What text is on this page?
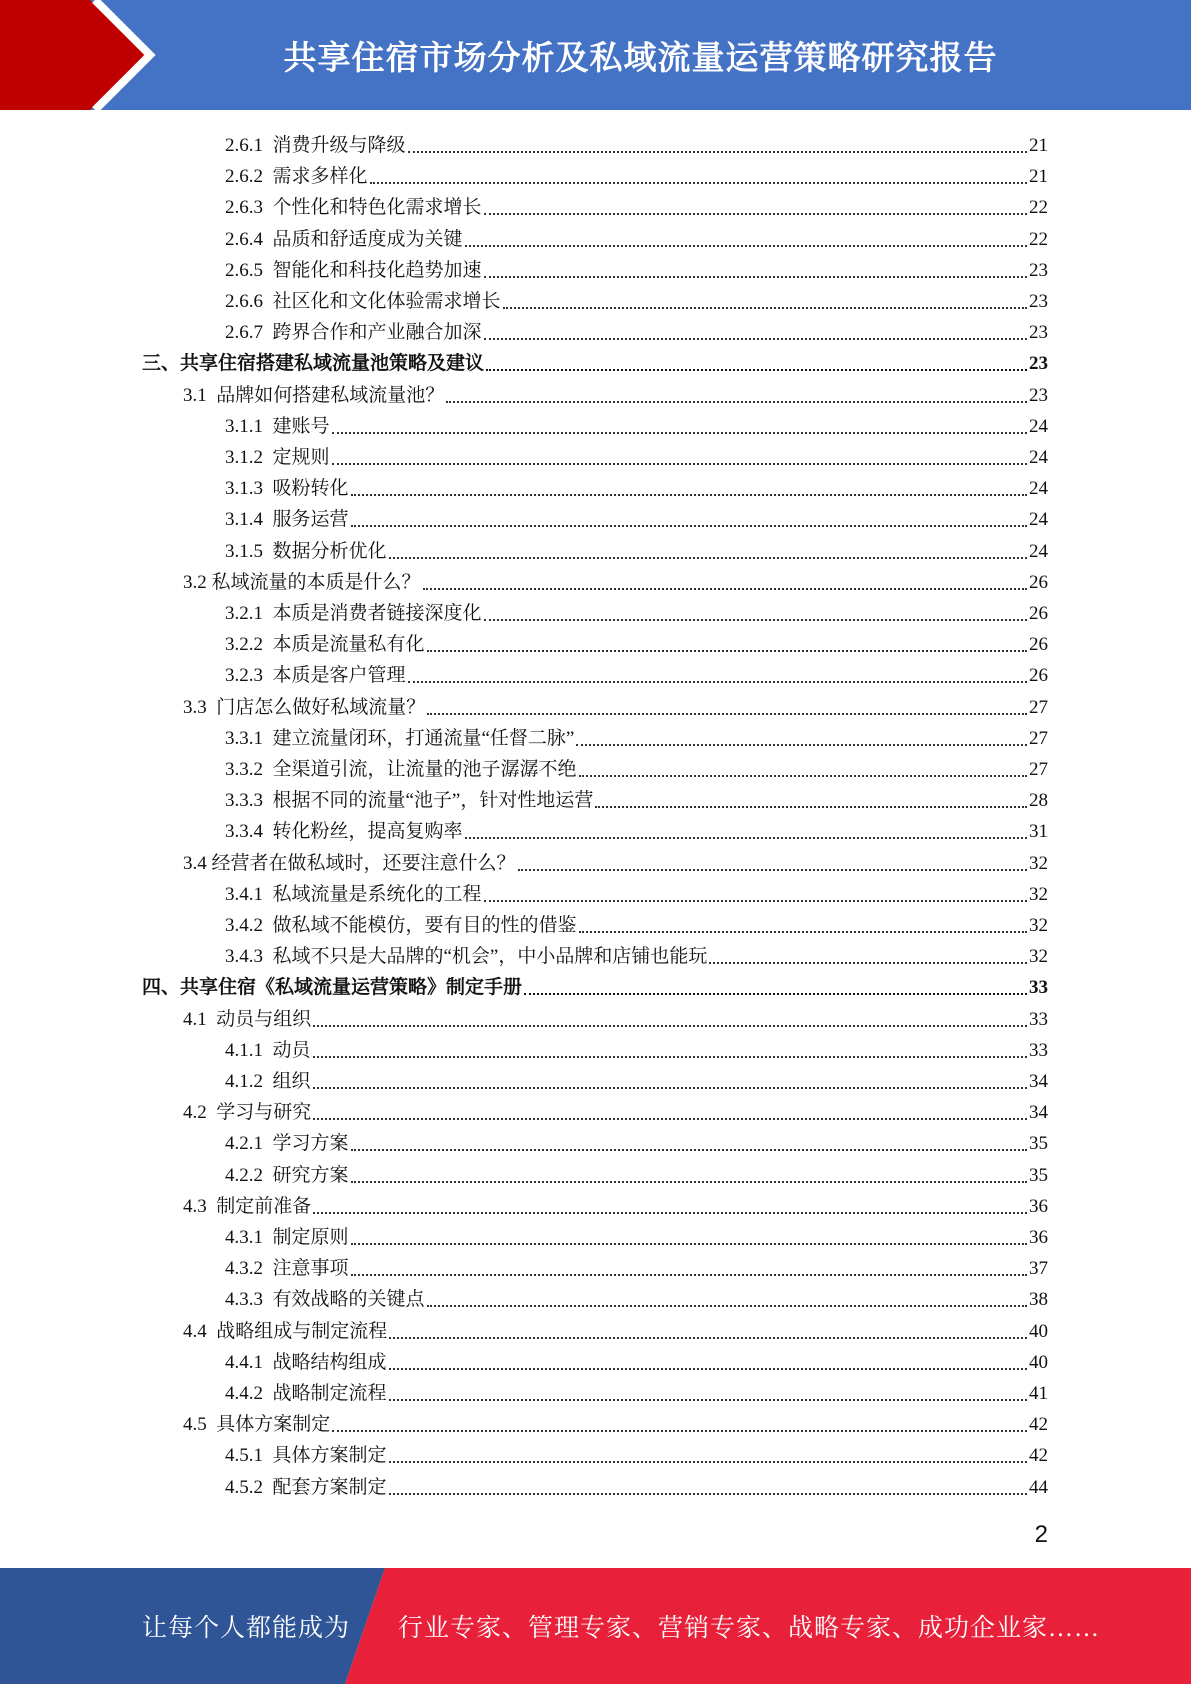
共享住宿市场分析及私域流量运营策略研究报告
2.6.1  消费升级与降级	21
2.6.2  需求多样化	21
2.6.3  个性化和特色化需求增长	22
2.6.4  品质和舒适度成为关键	22
2.6.5  智能化和科技化趋势加速	23
2.6.6  社区化和文化体验需求增长	23
2.6.7  跨界合作和产业融合加深	23
三、共享住宿搭建私域流量池策略及建议	23
3.1  品牌如何搭建私域流量池？	23
3.1.1  建账号	24
3.1.2  定规则	24
3.1.3  吸粉转化	24
3.1.4  服务运营	24
3.1.5  数据分析优化	24
3.2 私域流量的本质是什么？	26
3.2.1  本质是消费者链接深度化	26
3.2.2  本质是流量私有化	26
3.2.3  本质是客户管理	26
3.3  门店怎么做好私域流量？	27
3.3.1  建立流量闭环，打通流量“任督二脉”	27
3.3.2  全渠道引流，让流量的池子潺潺不绝	27
3.3.3  根据不同的流量“池子”，针对性地运营	28
3.3.4  转化粉丝，提高复购率	31
3.4 经营者在做私域时，还要注意什么？	32
3.4.1  私域流量是系统化的工程	32
3.4.2  做私域不能模仿，要有目的性的借鉴	32
3.4.3  私域不只是大品牌的“机会”，中小品牌和店铺也能玩	32
四、共享住宿《私域流量运营策略》制定手册	33
4.1  动员与组织	33
4.1.1  动员	33
4.1.2  组织	34
4.2  学习与研究	34
4.2.1  学习方案	35
4.2.2  研究方案	35
4.3  制定前准备	36
4.3.1  制定原则	36
4.3.2  注意事项	37
4.3.3  有效战略的关键点	38
4.4  战略组成与制定流程	40
4.4.1  战略结构组成	40
4.4.2  战略制定流程	41
4.5  具体方案制定	42
4.5.1  具体方案制定	42
4.5.2  配套方案制定	44
2
让每个人都能成为 行业专家、管理专家、营销专家、战略专家、成功企业家……
